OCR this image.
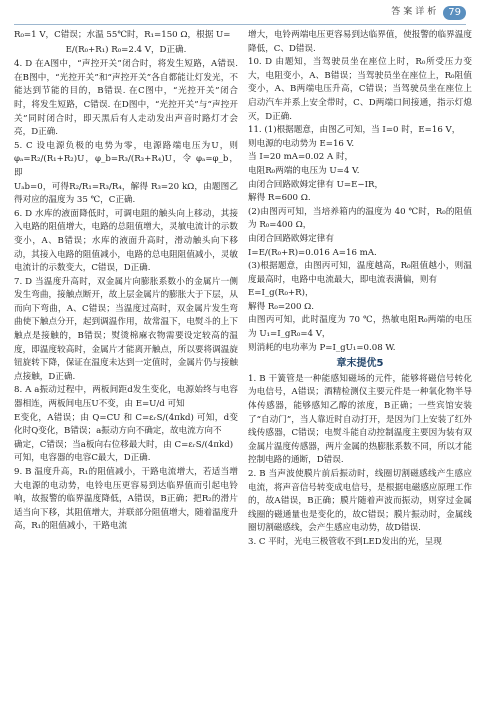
答案详析 79

R₀=1 V，C错误；水温 55℃时，R₁=150 Ω，根据 U=

E/(R₀+R₁) R₀=2.4 V，D正确.

4. D 在A图中，“声控开关”闭合时，将发生短路，A错误. 在B图中，“光控开关”和“声控开关”各自都能让灯发光，不能达到节能的目的，B错误. 在C图中，“光控开关”闭合时，将发生短路，C错误. 在D图中，“光控开关”与“声控开关”同时闭合时，即天黑后有人走动发出声音时路灯才会亮，D正确.

5. C 设电源负极的电势为零，电源路端电压为U，则 φₐ=R₂/(R₁+R₂)U，φ_b=R₃/(R₃+R₄)U，令 φₐ=φ_b，即

Uₐb=0，可得R₂/R₁=R₃/R₄，解得 R₃=20 kΩ，由题图乙得对应的温度为 35 ℃，C正确.

6. D 水库的液面降低时，可调电阻的触头向上移动，其接入电路的阻值增大，电路的总阻值增大，灵敏电流计的示数变小，A、B错误；水库的液面升高时，滑动触头向下移动，其接入电路的阻值减小，电路的总电阻阻值减小，灵敏电流计的示数变大，C错误，D正确.

7. D 当温度升高时，双金属片向膨胀系数小的金属片一侧发生弯曲，接触点断开，故上层金属片的膨胀大于下层，从而向下弯曲，A、C错误；当温度过高时，双金属片发生弯曲使下触点分开，起到调温作用，故常温下，电熨斗的上下触点是接触的，B错误；熨烫棉麻衣物需要设定较高的温度，即温度较高时，金属片才能离开触点，所以要将调温旋钮旋转下降，保证在温度未达到一定值时，金属片仍与接触点接触，D正确.

8. A a振动过程中，两板间距d发生变化，电源始终与电容器相连，两板间电压U不变，由 E=U/d 可知

E变化，A错误；由 Q=CU 和 C=εᵣS/(4πkd) 可知，d变化时Q变化，B错误；a振动方向不确定，故电流方向不

确定，C错误；当a板向右位移最大时，由 C=εᵣS/(4πkd)

可知，电容器的电容C最大，D正确.

9. B 温度升高，R₁的阻值减小，干路电流增大，若适当增大电源的电动势，电铃电压更容易到达临界值而引起电铃响，故报警的临界温度降低，A错误，B正确；把R₂的滑片适当向下移，其阻值增大，并联部分阻值增大，随着温度升高，R₁的阻值减小，干路电流

增大，电铃两端电压更容易到达临界值，使报警的临界温度降低，C、D错误.

10. D 由题知，当驾驶员坐在座位上时，R₀所受压力变大，电阻变小，A、B错误；当驾驶员坐在座位上，R₀阻值变小，A、B两端电压升高，C错误；当驾驶员坐在座位上启动汽车并系上安全带时，C、D两端口间接通，指示灯熄灭，D正确.

11. (1)根据题意，由图乙可知，当 I=0 时，E=16 V，

则电源的电动势为 E=16 V.

当 I=20 mA=0.02 A 时，

电阻R₀两端的电压为 U=4 V.

由闭合回路欧姆定律有 U=E−IR，

解得 R=600 Ω.

(2)由图丙可知，当培养箱内的温度为 40 ℃时，R₀的阻值为 R₀=400 Ω，

由闭合回路欧姆定律有

I=E/(R₀+R)=0.016 A=16 mA.

(3)根据题意，由图丙可知，温度越高，R₀阻值越小，则温度最高时，电路中电流最大，即电流表满偏，则有

E=I_g(R₀+R)，

解得 R₀=200 Ω.

由图丙可知，此时温度为 70 ℃，热敏电阻R₀两端的电压为 U₁=I_gR₀=4 V，

则消耗的电功率为 P=I_gU₁=0.08 W.

章末提优5

1. B 干簧管是一种能感知磁场的元件，能够将磁信号转化为电信号，A错误；酒精检测仪主要元件是一种氧化物半导体传感器，能够感知乙醇的浓度，B正确；一些宾馆安装了“自动门”，当人靠近时自动打开，是因为门上安装了红外线传感器，C错误；电熨斗能自动控制温度主要因为装有双金属片温度传感器，两片金属的热膨胀系数不同，所以才能控制电路的通断，D错误.

2. B 当声波使膜片前后振动时，线圈切割磁感线产生感应电流，将声音信号转变成电信号，是根据电磁感应原理工作的，故A错误，B正确；膜片随着声波而振动，则穿过金属线圈的磁通量也是变化的，故C错误；膜片振动时，金属线圈切割磁感线，会产生感应电动势，故D错误.

3. C 平时，光电三极管收不到LED发出的光，呈现
